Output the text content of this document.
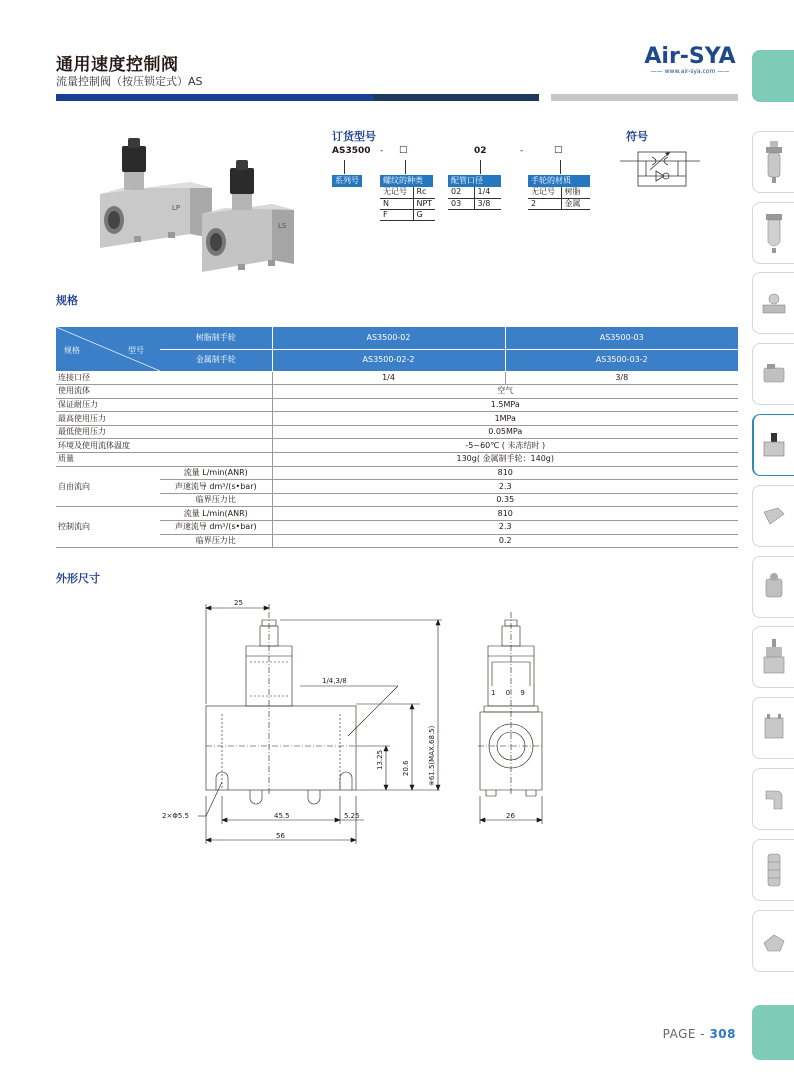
通用速度控制阀
流量控制阀（按压锁定式）AS
Air-SYA
—— www.air-sya.com ——
LP
LS
订货型号
AS3500 - □	02	-	□
系列号	螺纹的种类
无记号	Rc
N	NPT
F	G
配管口径
02	1/4
03	3/8
手轮的材质
无记号	树脂
2	金属
符号
规格
规格 型号	树脂制手轮	AS3500-02	AS3500-03
	金属制手轮	AS3500-02-2	AS3500-03-2
连接口径		1/4	3/8
使用流体		空气	
保证耐压力		1.5MPa	
最高使用压力		1MPa	
最低使用压力		0.05MPa	
环境及使用流体温度		-5~60℃ ( 未冻结时 )	
质量		130g( 金属制手轮：140g)	
自由流向	流量 L/min(ANR)	810	
	声速流导 dm³/(s•bar)	2.3	
	临界压力比	0.35	
控制流向	流量 L/min(ANR)	810	
	声速流导 dm³/(s•bar)	2.3	
	临界压力比	0.2	
外形尺寸
25
1/4,3/8
13.25	20.6	※61.5(MAX.68.5)
2×Φ5.5	45.5	5.25
56
26
1 0 9
PAGE - 308
